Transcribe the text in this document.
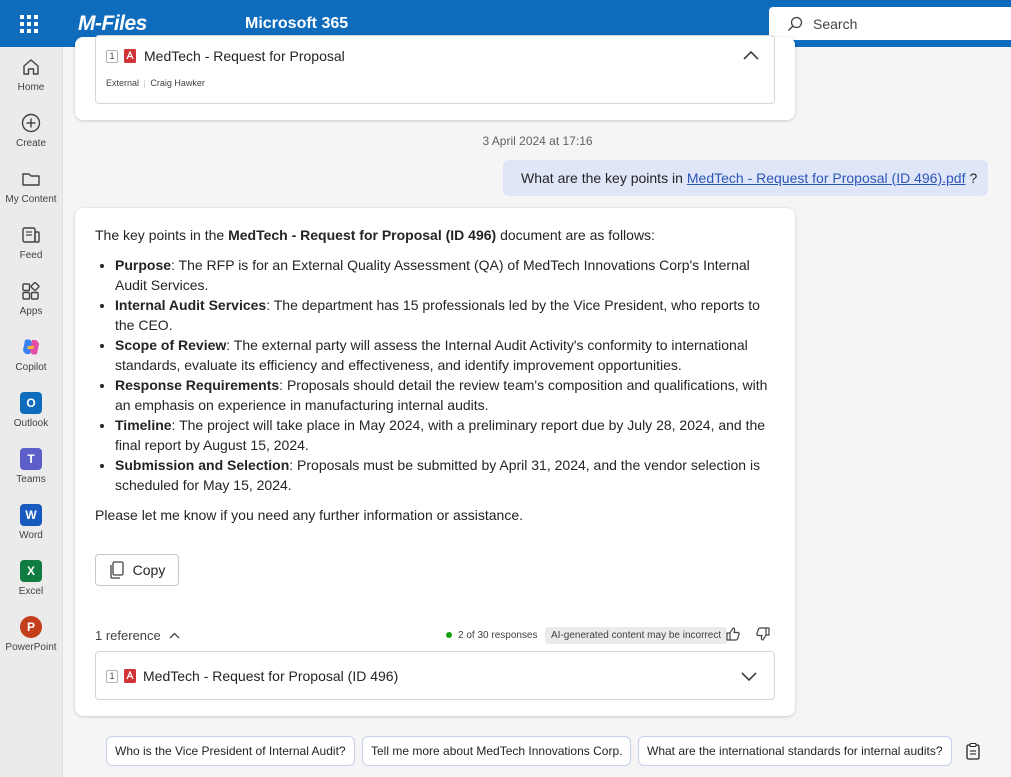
M-Files	Microsoft 365	Search
Home
Create
My Content
Feed
Apps
Copilot
O
Outlook
T
Teams
W
Word
X
Excel
P
PowerPoint
1 MedTech - Request for Proposal
External | Craig Hawker
3 April 2024 at 17:16
What are the key points in MedTech - Request for Proposal (ID 496).pdf ?

The key points in the MedTech - Request for Proposal (ID 496) document are as follows:

• Purpose: The RFP is for an External Quality Assessment (QA) of MedTech Innovations Corp's Internal Audit Services.
• Internal Audit Services: The department has 15 professionals led by the Vice President, who reports to the CEO.
• Scope of Review: The external party will assess the Internal Audit Activity's conformity to international standards, evaluate its efficiency and effectiveness, and identify improvement opportunities.
• Response Requirements: Proposals should detail the review team's composition and qualifications, with an emphasis on experience in manufacturing internal audits.
• Timeline: The project will take place in May 2024, with a preliminary report due by July 28, 2024, and the final report by August 15, 2024.
• Submission and Selection: Proposals must be submitted by April 31, 2024, and the vendor selection is scheduled for May 15, 2024.

Please let me know if you need any further information or assistance.

Copy
1 reference	2 of 30 responses	AI-generated content may be incorrect
1 MedTech - Request for Proposal (ID 496)
Who is the Vice President of Internal Audit?	Tell me more about MedTech Innovations Corp.	What are the international standards for internal audits?
